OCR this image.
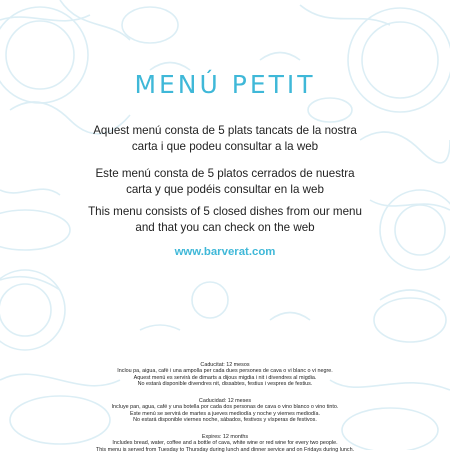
MENÚ PETIT
Aquest menú consta de 5 plats tancats de la nostra
carta i que podeu consultar a la web
Este menú consta de 5 platos cerrados de nuestra
carta y que podéis consultar en la web
This menu consists of 5 closed dishes from our menu
and that you can check on the web
www.barverat.com
Caducitat: 12 mesos
Inclou pa, aigua, cafè i una ampolla per cada dues persones de cava o vi blanc o vi negre.
Aquest menú es servirà de dimarts a dijous migdia i nit i divendres al migdia.
No estarà disponible divendres nit, dissabtes, festius i vespres de festius.
Caducidad: 12 meses
Incluye pan, agua, café y una botella por cada dos personas de cava o vino blanco o vino tinto.
Este menú se servirá de martes a jueves mediodía y noche y viernes mediodía.
No estará disponible viernes noche, sábados, festivos y vísperas de festivos.
Expires: 12 months
Includes bread, water, coffee and a bottle of cava, white wine or red wine for every two people.
This menu is served from Tuesday to Thursday during lunch and dinner service and on Fridays during lunch.
